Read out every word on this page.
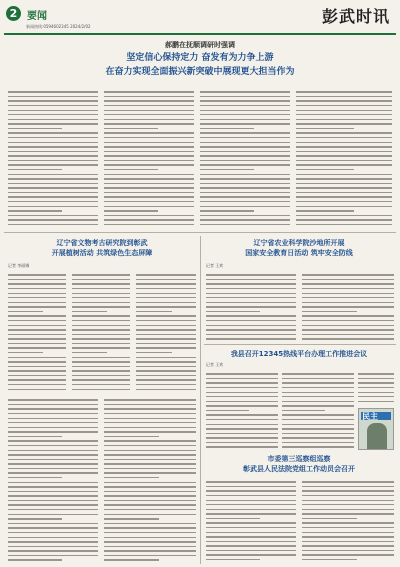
2 要闻
新闻热线:0594602345 2024/2/02
彭武时讯
郝鹏在抚顺调研时强调
坚定信心保持定力 奋发有为力争上游
在奋力实现全面振兴新突破中展现更大担当作为
辽宁省文物考古研究院到彰武
开展植树活动 共筑绿色生态屏障
记者 李丽娜
辽宁省农业科学院沙地所开展
国家安全教育日活动 筑牢安全防线
记者 王欢
我县召开12345热线平台办理工作推进会议
记者 王欢
民主
市委第三巡察组巡察
彰武县人民法院党组工作动员会召开
